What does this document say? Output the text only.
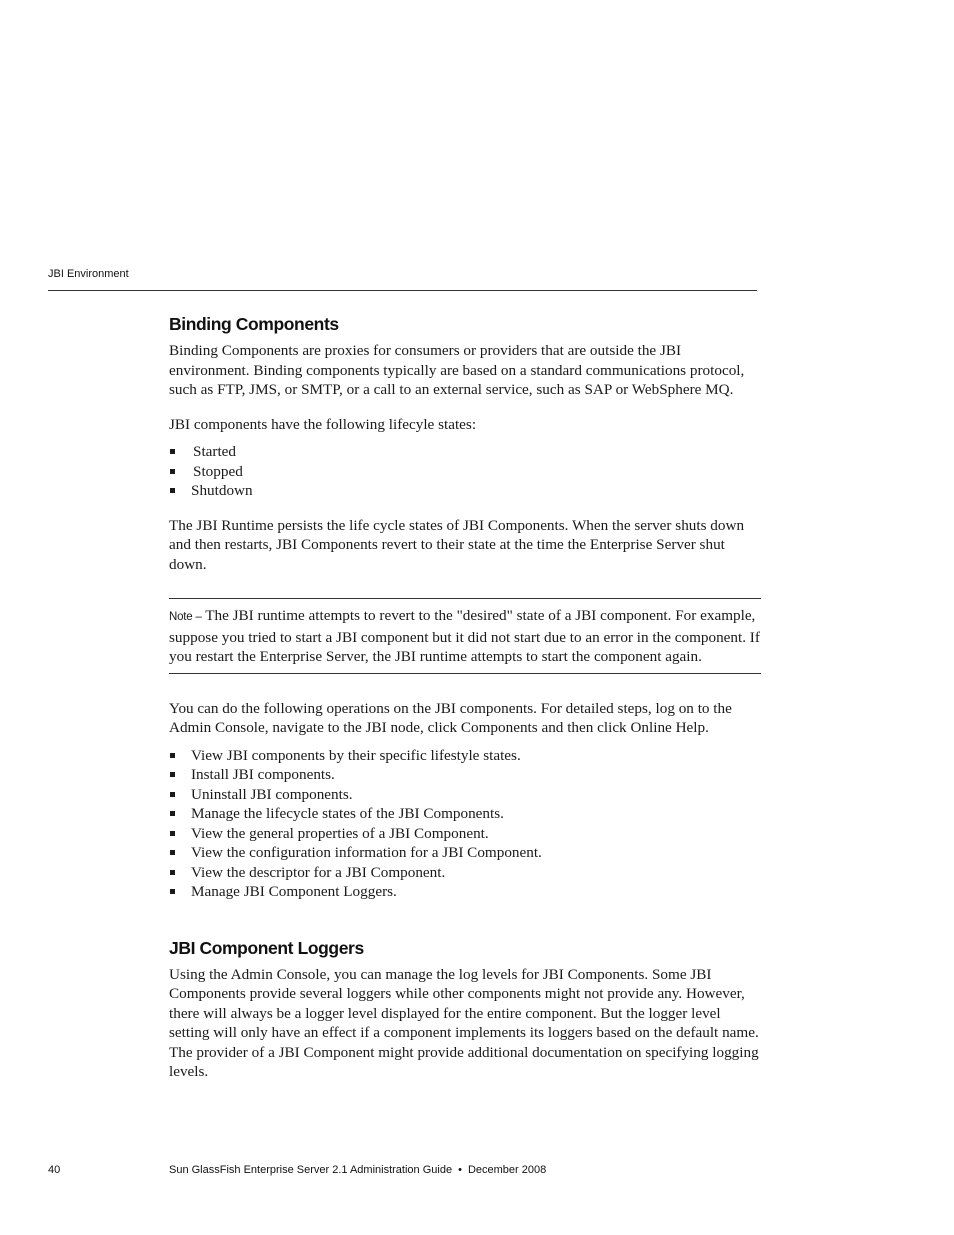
JBI Environment
Binding Components

Binding Components are proxies for consumers or providers that are outside the JBI environment. Binding components typically are based on a standard communications protocol, such as FTP, JMS, or SMTP, or a call to an external service, such as SAP or WebSphere MQ.

JBI components have the following lifecyle states:

Started
Stopped
Shutdown

The JBI Runtime persists the life cycle states of JBI Components. When the server shuts down and then restarts, JBI Components revert to their state at the time the Enterprise Server shut down.

Note – The JBI runtime attempts to revert to the "desired" state of a JBI component. For example, suppose you tried to start a JBI component but it did not start due to an error in the component. If you restart the Enterprise Server, the JBI runtime attempts to start the component again.

You can do the following operations on the JBI components. For detailed steps, log on to the Admin Console, navigate to the JBI node, click Components and then click Online Help.

View JBI components by their specific lifestyle states.
Install JBI components.
Uninstall JBI components.
Manage the lifecycle states of the JBI Components.
View the general properties of a JBI Component.
View the configuration information for a JBI Component.
View the descriptor for a JBI Component.
Manage JBI Component Loggers.
JBI Component Loggers

Using the Admin Console, you can manage the log levels for JBI Components. Some JBI Components provide several loggers while other components might not provide any. However, there will always be a logger level displayed for the entire component. But the logger level setting will only have an effect if a component implements its loggers based on the default name. The provider of a JBI Component might provide additional documentation on specifying logging levels.

40	Sun GlassFish Enterprise Server 2.1 Administration Guide • December 2008
